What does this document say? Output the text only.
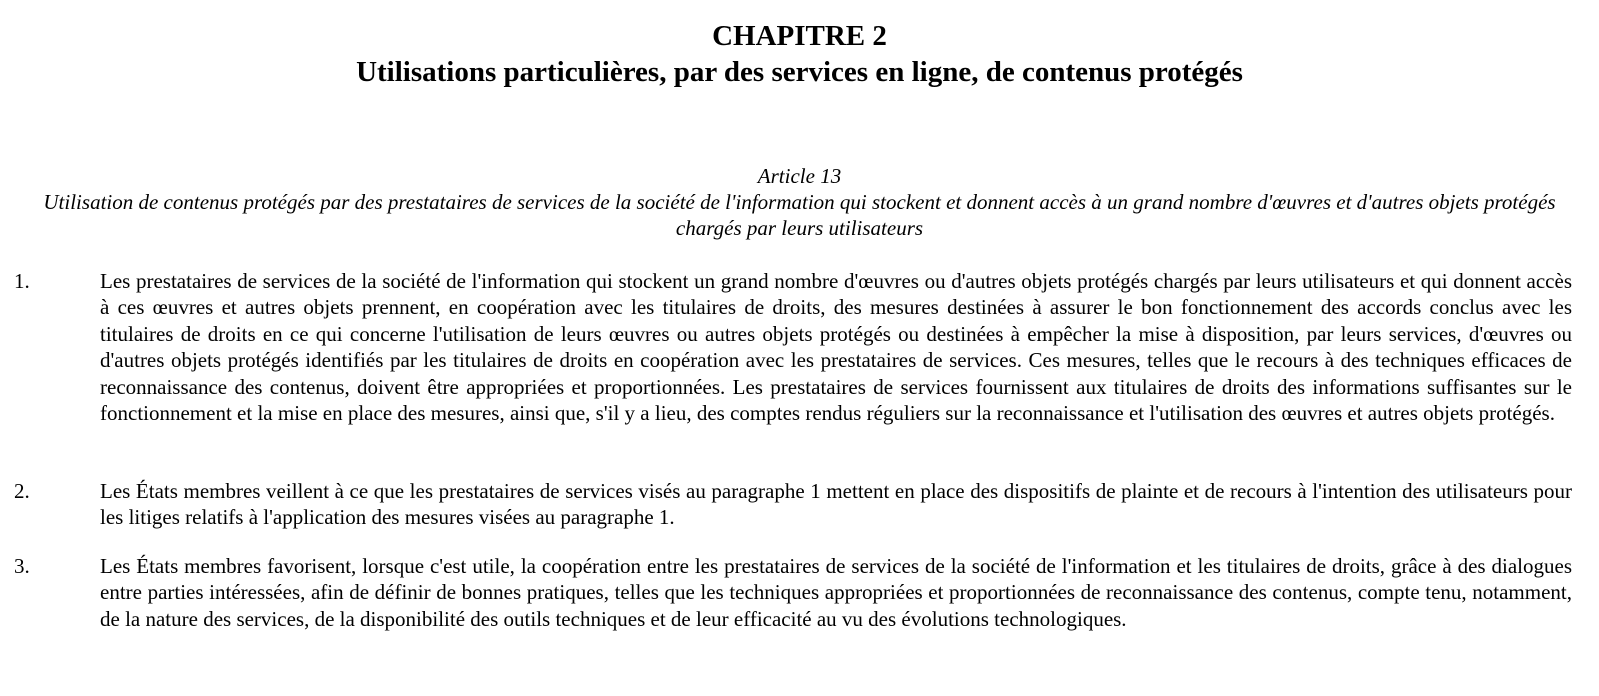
CHAPITRE 2
Utilisations particulières, par des services en ligne, de contenus protégés
Article 13
Utilisation de contenus protégés par des prestataires de services de la société de l'information qui stockent et donnent accès à un grand nombre d'œuvres et d'autres objets protégés chargés par leurs utilisateurs
1.	Les prestataires de services de la société de l'information qui stockent un grand nombre d'œuvres ou d'autres objets protégés chargés par leurs utilisateurs et qui donnent accès à ces œuvres et autres objets prennent, en coopération avec les titulaires de droits, des mesures destinées à assurer le bon fonctionnement des accords conclus avec les titulaires de droits en ce qui concerne l'utilisation de leurs œuvres ou autres objets protégés ou destinées à empêcher la mise à disposition, par leurs services, d'œuvres ou d'autres objets protégés identifiés par les titulaires de droits en coopération avec les prestataires de services. Ces mesures, telles que le recours à des techniques efficaces de reconnaissance des contenus, doivent être appropriées et proportionnées. Les prestataires de services fournissent aux titulaires de droits des informations suffisantes sur le fonctionnement et la mise en place des mesures, ainsi que, s'il y a lieu, des comptes rendus réguliers sur la reconnaissance et l'utilisation des œuvres et autres objets protégés.

2.	Les États membres veillent à ce que les prestataires de services visés au paragraphe 1 mettent en place des dispositifs de plainte et de recours à l'intention des utilisateurs pour les litiges relatifs à l'application des mesures visées au paragraphe 1.

3.	Les États membres favorisent, lorsque c'est utile, la coopération entre les prestataires de services de la société de l'information et les titulaires de droits, grâce à des dialogues entre parties intéressées, afin de définir de bonnes pratiques, telles que les techniques appropriées et proportionnées de reconnaissance des contenus, compte tenu, notamment, de la nature des services, de la disponibilité des outils techniques et de leur efficacité au vu des évolutions technologiques.
